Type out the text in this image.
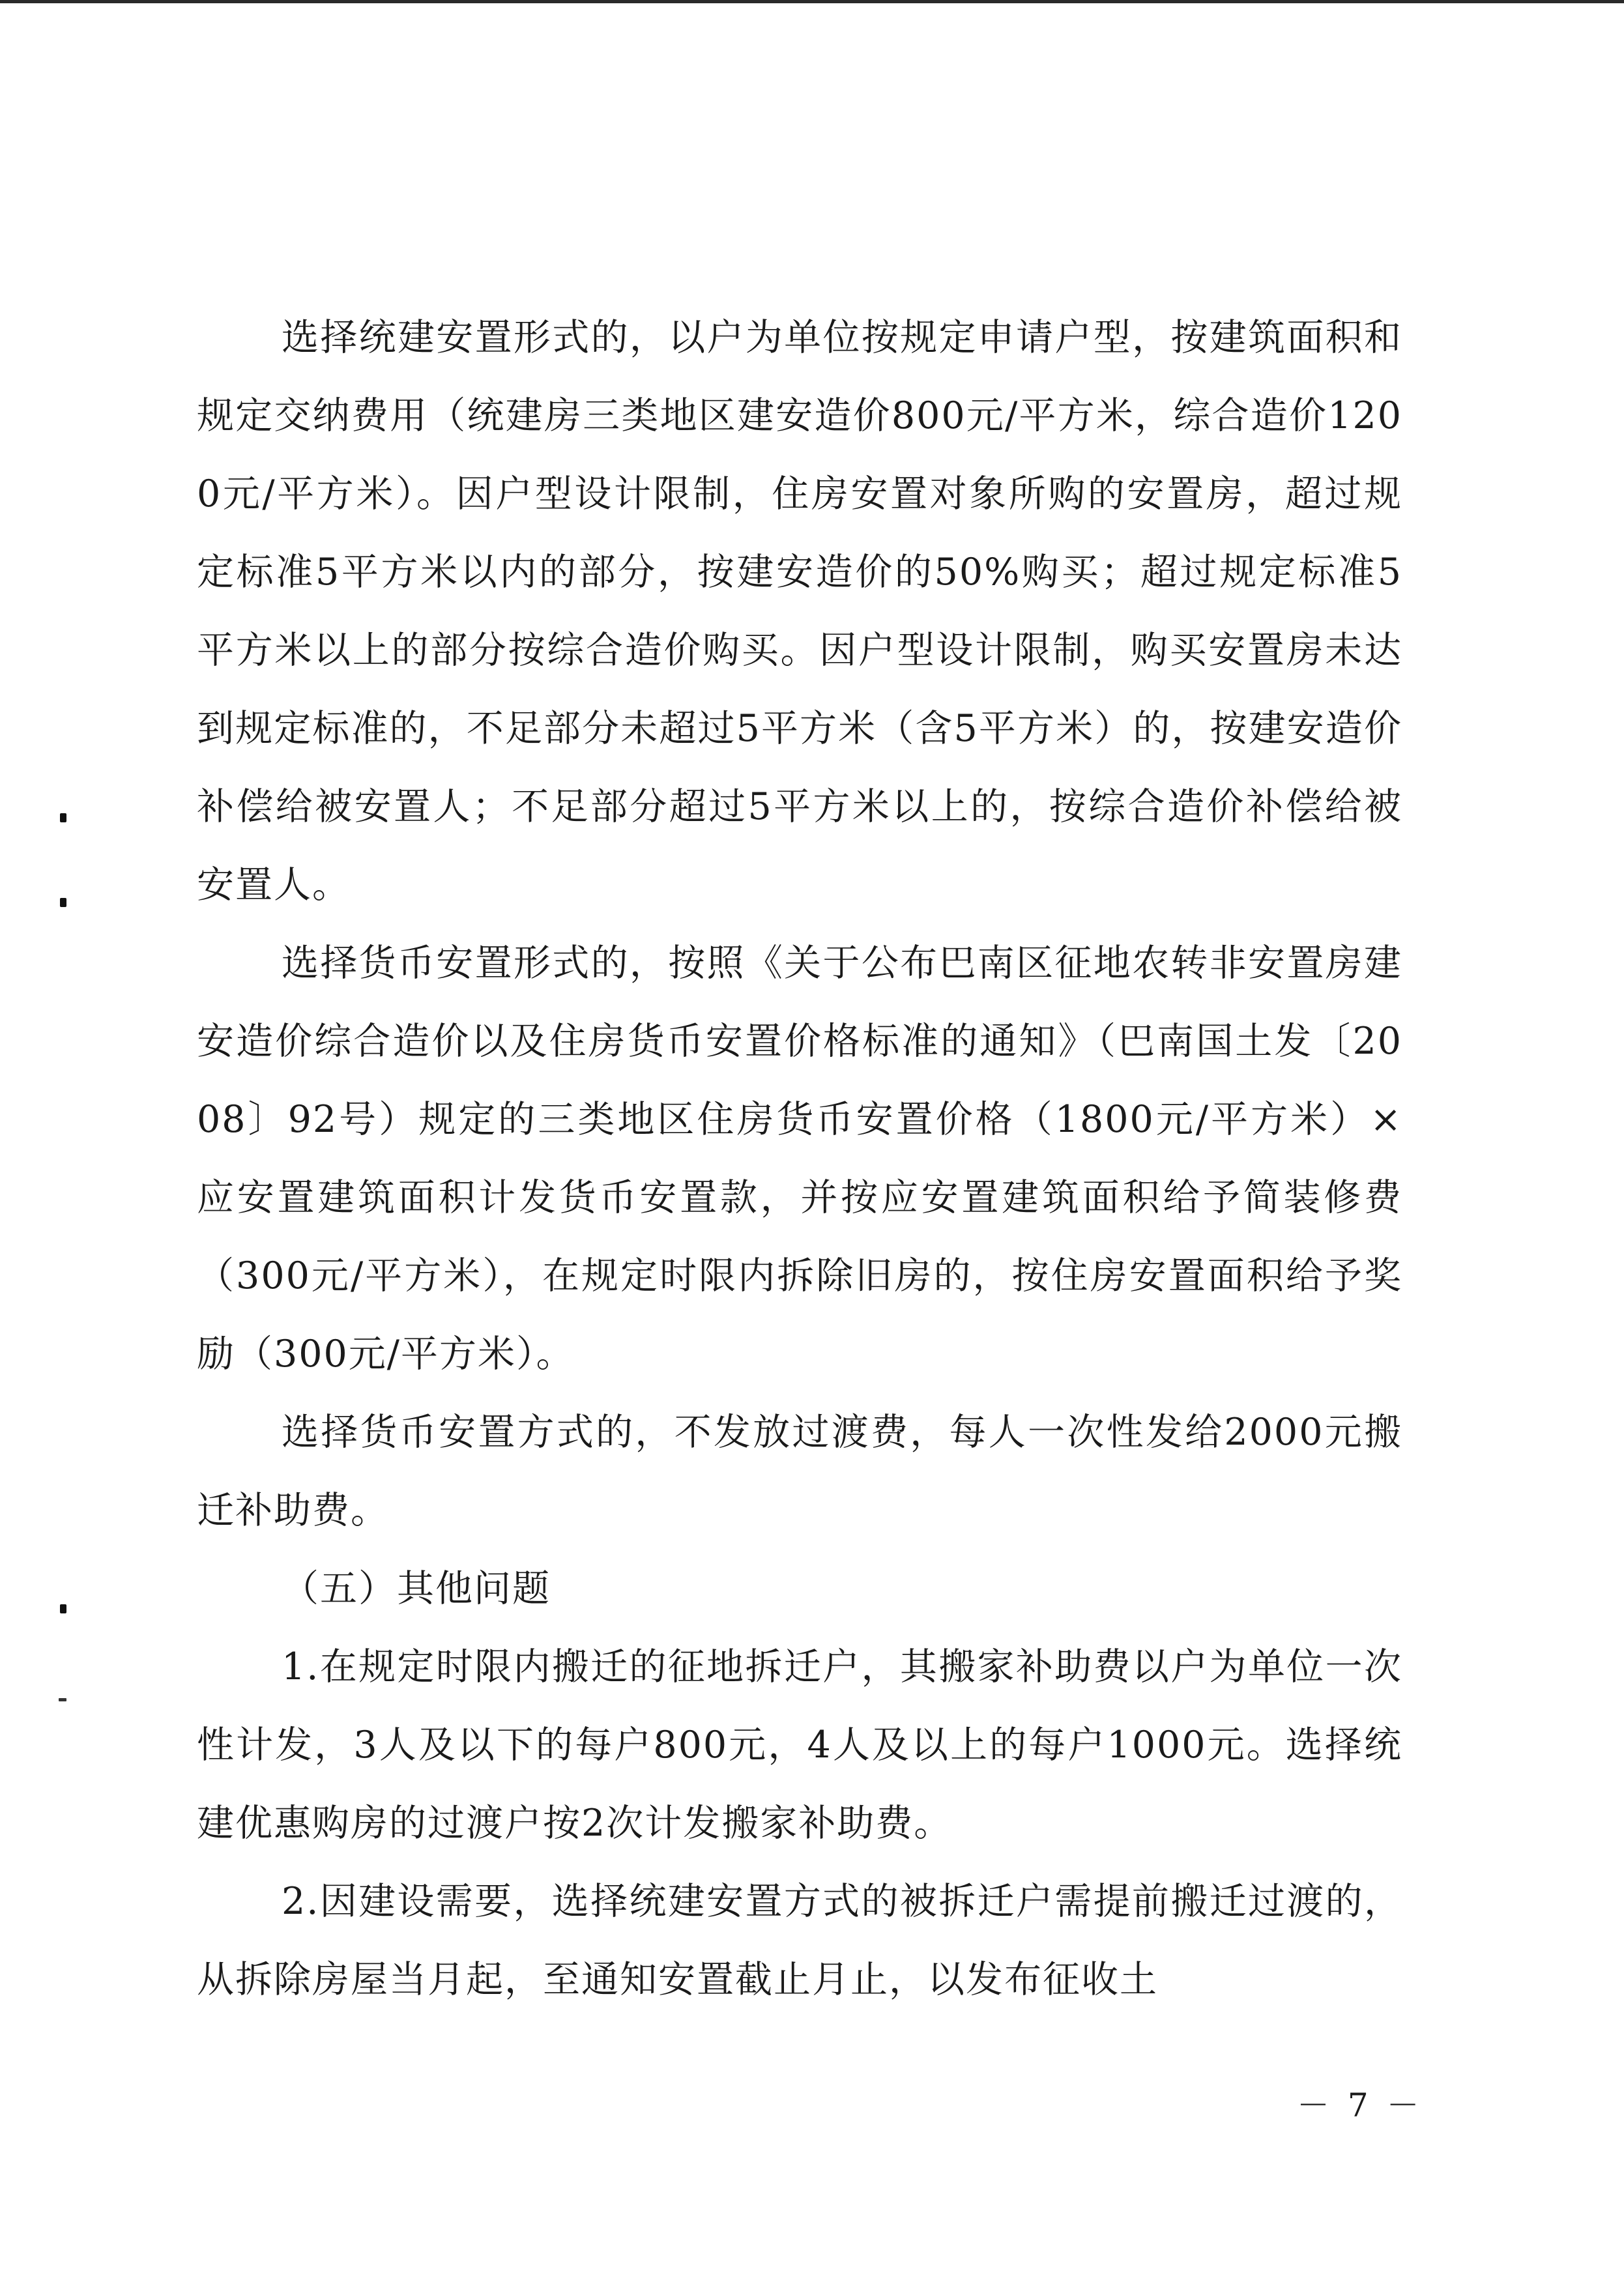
选择统建安置形式的，以户为单位按规定申请户型，按建筑面积和规定交纳费用（统建房三类地区建安造价800元/平方米，综合造价1200元/平方米）。因户型设计限制，住房安置对象所购的安置房，超过规定标准5平方米以内的部分，按建安造价的50%购买；超过规定标准5平方米以上的部分按综合造价购买。因户型设计限制，购买安置房未达到规定标准的，不足部分未超过5平方米（含5平方米）的，按建安造价补偿给被安置人；不足部分超过5平方米以上的，按综合造价补偿给被安置人。

选择货币安置形式的，按照《关于公布巴南区征地农转非安置房建安造价综合造价以及住房货币安置价格标准的通知》（巴南国土发〔2008〕92号）规定的三类地区住房货币安置价格（1800元/平方米）×应安置建筑面积计发货币安置款，并按应安置建筑面积给予简装修费（300元/平方米），在规定时限内拆除旧房的，按住房安置面积给予奖励（300元/平方米）。

选择货币安置方式的，不发放过渡费，每人一次性发给2000元搬迁补助费。

（五）其他问题

1.在规定时限内搬迁的征地拆迁户，其搬家补助费以户为单位一次性计发，3人及以下的每户800元，4人及以上的每户1000元。选择统建优惠购房的过渡户按2次计发搬家补助费。

2.因建设需要，选择统建安置方式的被拆迁户需提前搬迁过渡的，从拆除房屋当月起，至通知安置截止月止，以发布征收土

－ 7 －
